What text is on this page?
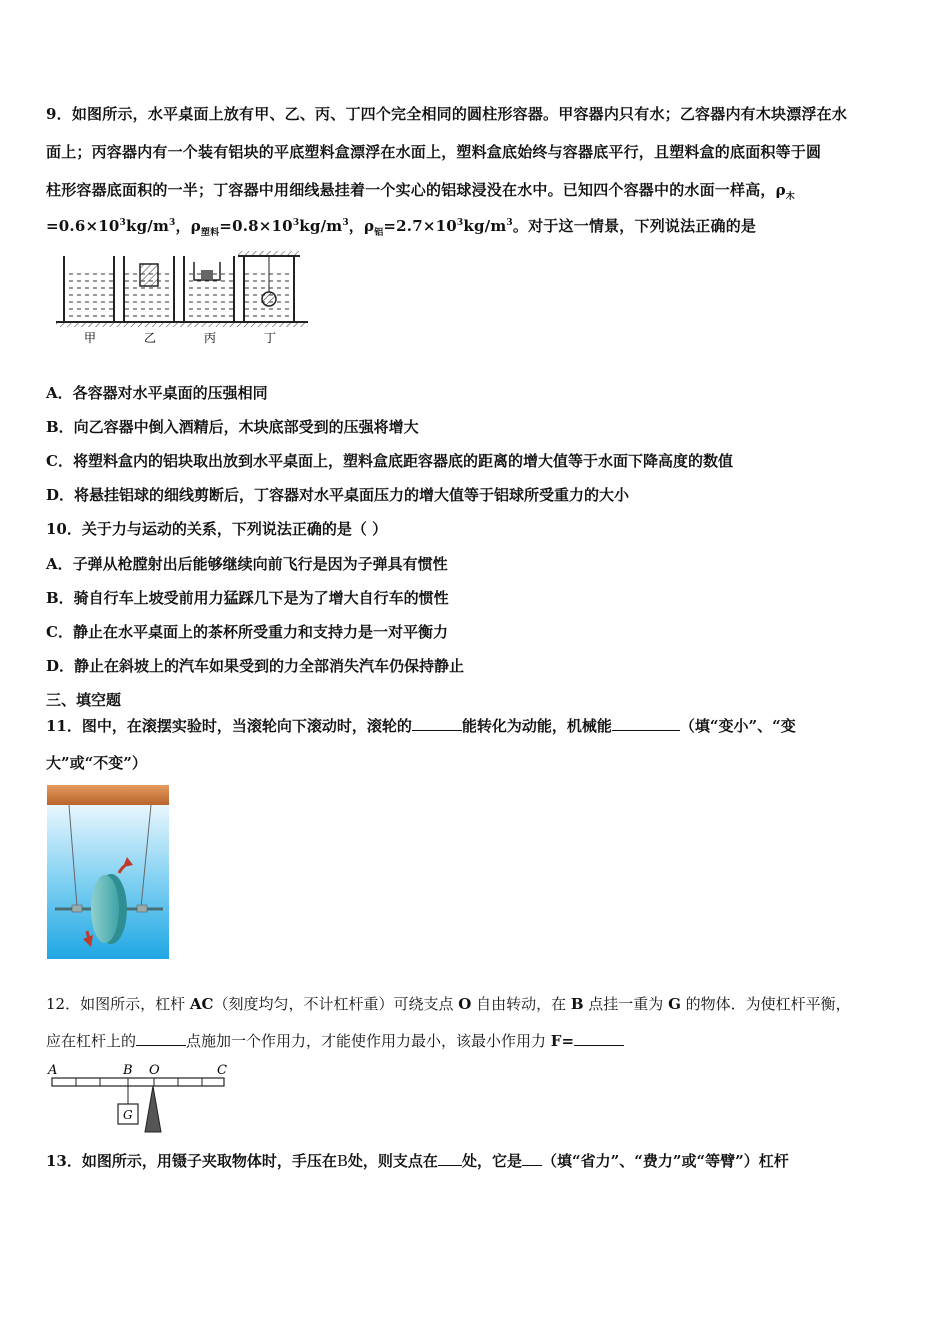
9．如图所示，水平桌面上放有甲、乙、丙、丁四个完全相同的圆柱形容器。甲容器内只有水；乙容器内有木块漂浮在水
面上；丙容器内有一个装有铝块的平底塑料盒漂浮在水面上，塑料盒底始终与容器底平行，且塑料盒的底面积等于圆
柱形容器底面积的一半；丁容器中用细线悬挂着一个实心的铝球浸没在水中。已知四个容器中的水面一样高，$\rho_木$
$=0.6\times 10^3kg/m^3$，$\rho_{塑料}=0.8\times 10^3kg/m^3$，$\rho_铝=2.7\times 10^3kg/m^3$。对于这一情景，下列说法正确的是
甲	乙	丙	丁
A．各容器对水平桌面的压强相同
B．向乙容器中倒入酒精后，木块底部受到的压强将增大
C．将塑料盒内的铝块取出放到水平桌面上，塑料盒底距容器底的距离的增大值等于水面下降高度的数值
D．将悬挂铝球的细线剪断后，丁容器对水平桌面压力的增大值等于铝球所受重力的大小
10．关于力与运动的关系，下列说法正确的是（ ）
A．子弹从枪膛射出后能够继续向前飞行是因为子弹具有惯性
B．骑自行车上坡受前用力猛踩几下是为了增大自行车的惯性
C．静止在水平桌面上的茶杯所受重力和支持力是一对平衡力
D．静止在斜坡上的汽车如果受到的力全部消失汽车仍保持静止
三、填空题
11．图中，在滚摆实验时，当滚轮向下滚动时，滚轮的	能转化为动能，机械能	（填“变小”、“变
大”或“不变”）
12．如图所示，杠杆 AC（刻度均匀，不计杠杆重）可绕支点 O 自由转动，在 B 点挂一重为 G 的物体．为使杠杆平衡，
应在杠杆上的	点施加一个作用力，才能使作用力最小，该最小作用力 F=
A	B O	C
G
13．如图所示，用镊子夹取物体时，手压在B处，则支点在 处，它是 （填“省力”、“费力”或“等臂”）杠杆
